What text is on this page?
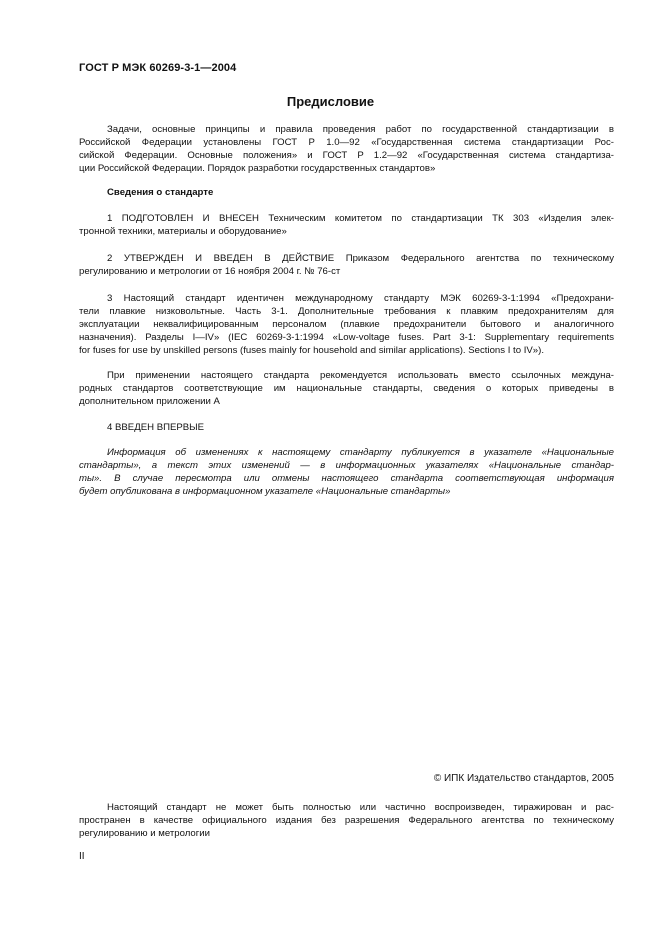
ГОСТ Р МЭК 60269-3-1—2004
Предисловие
Задачи, основные принципы и правила проведения работ по государственной стандартизации в
Российской Федерации установлены ГОСТ Р 1.0—92 «Государственная система стандартизации Рос-
сийской Федерации. Основные положения» и ГОСТ Р 1.2—92 «Государственная система стандартиза-
ции Российской Федерации. Порядок разработки государственных стандартов»
Сведения о стандарте
1 ПОДГОТОВЛЕН И ВНЕСЕН Техническим комитетом по стандартизации ТК 303 «Изделия элек-
тронной техники, материалы и оборудование»
2 УТВЕРЖДЕН И ВВЕДЕН В ДЕЙСТВИЕ Приказом Федерального агентства по техническому
регулированию и метрологии от 16 ноября 2004 г. № 76-ст
3 Настоящий стандарт идентичен международному стандарту МЭК 60269-3-1:1994 «Предохрани-
тели плавкие низковольтные. Часть 3-1. Дополнительные требования к плавким предохранителям для
эксплуатации неквалифицированным персоналом (плавкие предохранители бытового и аналогичного
назначения). Разделы I—IV» (IEC 60269-3-1:1994 «Low-voltage fuses. Part 3-1: Supplementary requirements
for fuses for use by unskilled persons (fuses mainly for household and similar applications). Sections I to IV»).
При применении настоящего стандарта рекомендуется использовать вместо ссылочных междуна-
родных стандартов соответствующие им национальные стандарты, сведения о которых приведены в
дополнительном приложении А
4 ВВЕДЕН ВПЕРВЫЕ
Информация об изменениях к настоящему стандарту публикуется в указателе «Национальные
стандарты», а текст этих изменений — в информационных указателях «Национальные стандар-
ты». В случае пересмотра или отмены настоящего стандарта соответствующая информация
будет опубликована в информационном указателе «Национальные стандарты»
© ИПК Издательство стандартов, 2005
Настоящий стандарт не может быть полностью или частично воспроизведен, тиражирован и рас-
пространен в качестве официального издания без разрешения Федерального агентства по техническому
регулированию и метрологии
II
